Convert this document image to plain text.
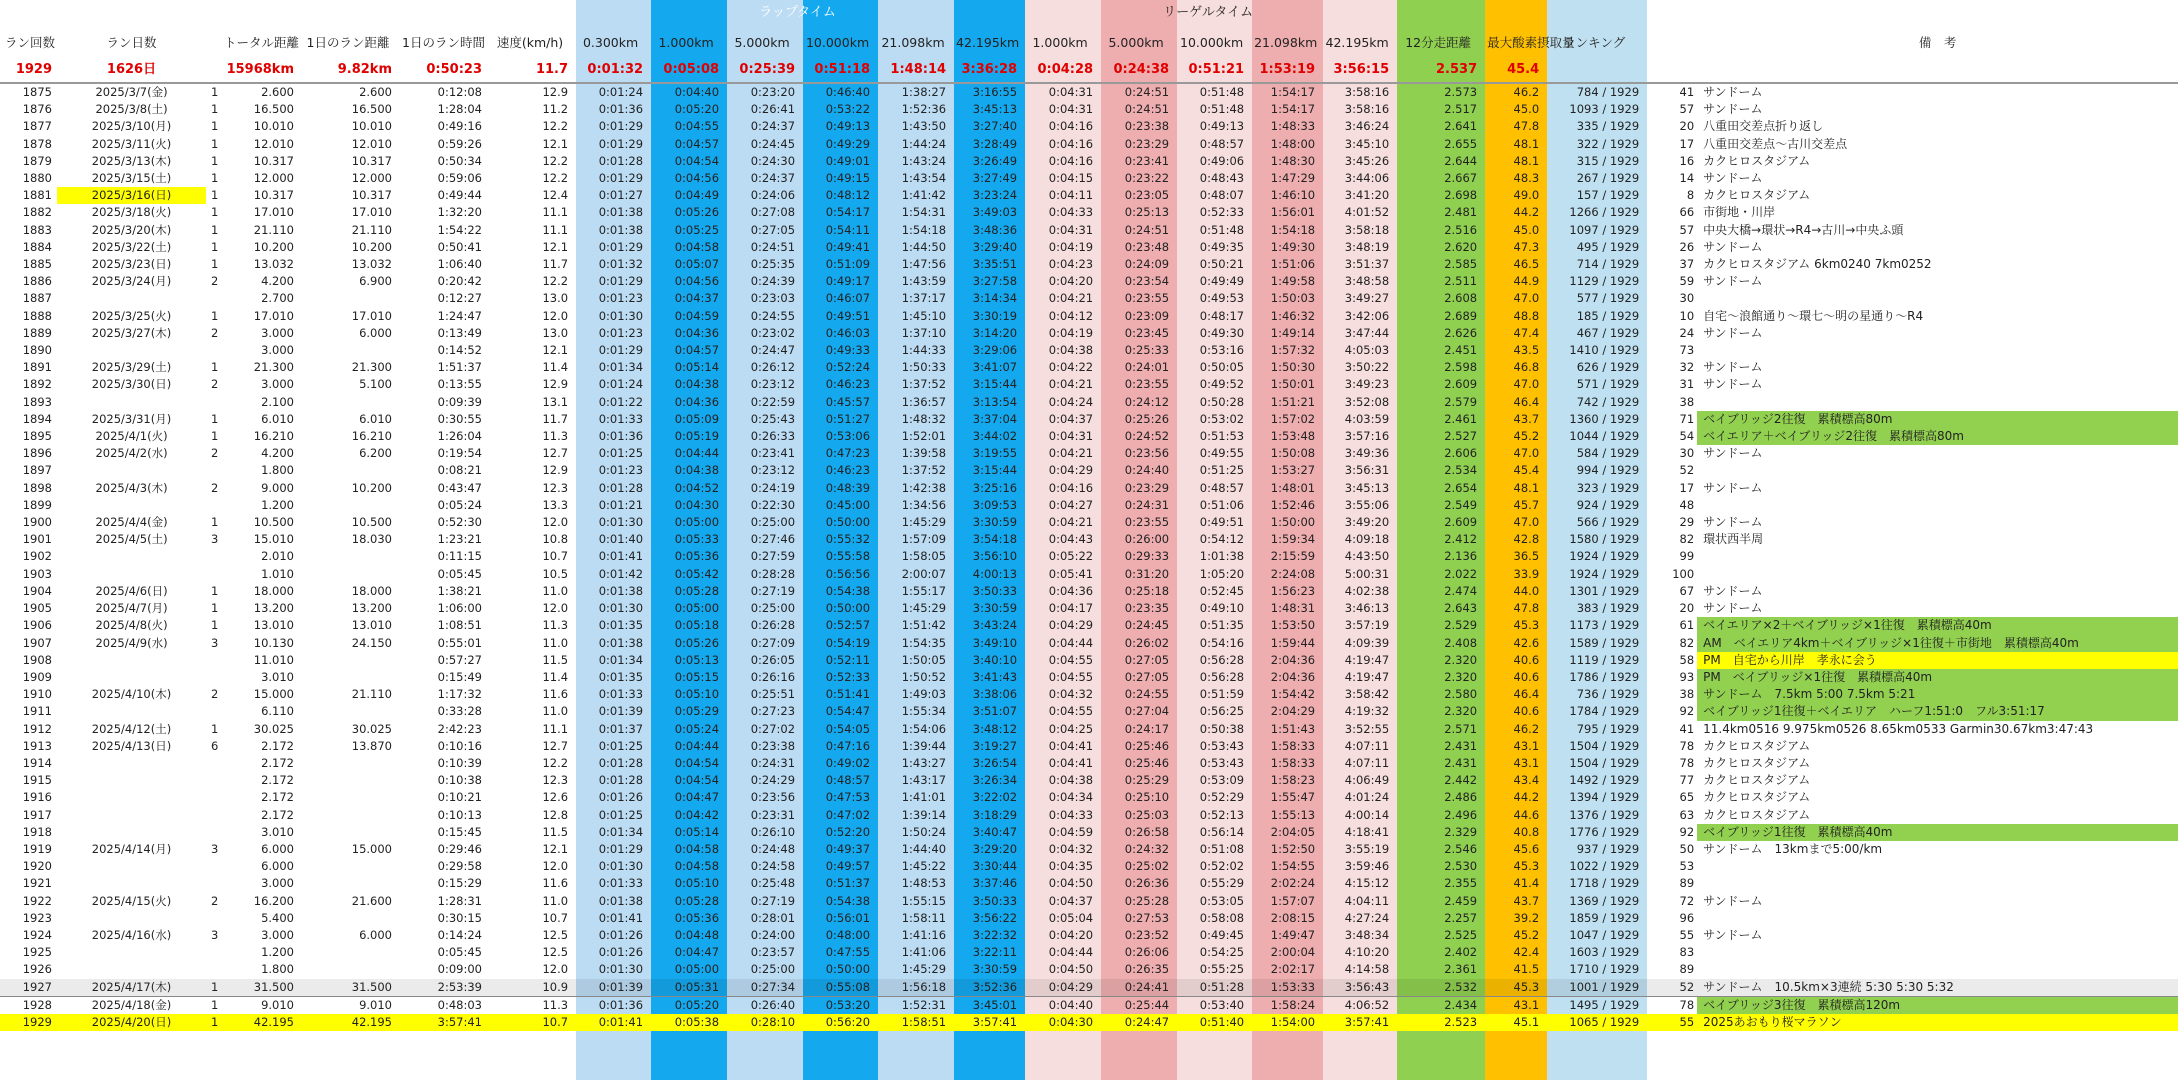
							ラップタイム						リーゲルタイム									
ラン回数	ラン日数		トータル距離	1日のラン距離	1日のラン時間	速度(km/h)	0.300km	1.000km	5.000km	10.000km	21.098km	42.195km	1.000km	5.000km	10.000km	21.098km	42.195km	12分走距離	最大酸素摂取量	ランキング		備　考
1929	1626日		15968km	9.82km	0:50:23	11.7	0:01:32	0:05:08	0:25:39	0:51:18	1:48:14	3:36:28	0:04:28	0:24:38	0:51:21	1:53:19	3:56:15	2.537	45.4			
1875	2025/3/7(金)	1	2.600	2.600	0:12:08	12.9	0:01:24	0:04:40	0:23:20	0:46:40	1:38:27	3:16:55	0:04:31	0:24:51	0:51:48	1:54:17	3:58:16	2.573	46.2	784 / 1929	41	サンドーム
1876	2025/3/8(土)	1	16.500	16.500	1:28:04	11.2	0:01:36	0:05:20	0:26:41	0:53:22	1:52:36	3:45:13	0:04:31	0:24:51	0:51:48	1:54:17	3:58:16	2.517	45.0	1093 / 1929	57	サンドーム
1877	2025/3/10(月)	1	10.010	10.010	0:49:16	12.2	0:01:29	0:04:55	0:24:37	0:49:13	1:43:50	3:27:40	0:04:16	0:23:38	0:49:13	1:48:33	3:46:24	2.641	47.8	335 / 1929	20	八重田交差点折り返し
1878	2025/3/11(火)	1	12.010	12.010	0:59:26	12.1	0:01:29	0:04:57	0:24:45	0:49:29	1:44:24	3:28:49	0:04:16	0:23:29	0:48:57	1:48:00	3:45:10	2.655	48.1	322 / 1929	17	八重田交差点～古川交差点
1879	2025/3/13(木)	1	10.317	10.317	0:50:34	12.2	0:01:28	0:04:54	0:24:30	0:49:01	1:43:24	3:26:49	0:04:16	0:23:41	0:49:06	1:48:30	3:45:26	2.644	48.1	315 / 1929	16	カクヒロスタジアム
1880	2025/3/15(土)	1	12.000	12.000	0:59:06	12.2	0:01:29	0:04:56	0:24:37	0:49:15	1:43:54	3:27:49	0:04:15	0:23:22	0:48:43	1:47:29	3:44:06	2.667	48.3	267 / 1929	14	サンドーム
1881	2025/3/16(日)	1	10.317	10.317	0:49:44	12.4	0:01:27	0:04:49	0:24:06	0:48:12	1:41:42	3:23:24	0:04:11	0:23:05	0:48:07	1:46:10	3:41:20	2.698	49.0	157 / 1929	8	カクヒロスタジアム
1882	2025/3/18(火)	1	17.010	17.010	1:32:20	11.1	0:01:38	0:05:26	0:27:08	0:54:17	1:54:31	3:49:03	0:04:33	0:25:13	0:52:33	1:56:01	4:01:52	2.481	44.2	1266 / 1929	66	市街地・川岸
1883	2025/3/20(木)	1	21.110	21.110	1:54:22	11.1	0:01:38	0:05:25	0:27:05	0:54:11	1:54:18	3:48:36	0:04:31	0:24:51	0:51:48	1:54:18	3:58:18	2.516	45.0	1097 / 1929	57	中央大橋→環状→R4→古川→中央ふ頭
1884	2025/3/22(土)	1	10.200	10.200	0:50:41	12.1	0:01:29	0:04:58	0:24:51	0:49:41	1:44:50	3:29:40	0:04:19	0:23:48	0:49:35	1:49:30	3:48:19	2.620	47.3	495 / 1929	26	サンドーム
1885	2025/3/23(日)	1	13.032	13.032	1:06:40	11.7	0:01:32	0:05:07	0:25:35	0:51:09	1:47:56	3:35:51	0:04:23	0:24:09	0:50:21	1:51:06	3:51:37	2.585	46.5	714 / 1929	37	カクヒロスタジアム 6km0240 7km0252
1886	2025/3/24(月)	2	4.200	6.900	0:20:42	12.2	0:01:29	0:04:56	0:24:39	0:49:17	1:43:59	3:27:58	0:04:20	0:23:54	0:49:49	1:49:58	3:48:58	2.511	44.9	1129 / 1929	59	サンドーム
1887			2.700		0:12:27	13.0	0:01:23	0:04:37	0:23:03	0:46:07	1:37:17	3:14:34	0:04:21	0:23:55	0:49:53	1:50:03	3:49:27	2.608	47.0	577 / 1929	30	
1888	2025/3/25(火)	1	17.010	17.010	1:24:47	12.0	0:01:30	0:04:59	0:24:55	0:49:51	1:45:10	3:30:19	0:04:12	0:23:09	0:48:17	1:46:32	3:42:06	2.689	48.8	185 / 1929	10	自宅～浪館通り～環七～明の星通り～R4
1889	2025/3/27(木)	2	3.000	6.000	0:13:49	13.0	0:01:23	0:04:36	0:23:02	0:46:03	1:37:10	3:14:20	0:04:19	0:23:45	0:49:30	1:49:14	3:47:44	2.626	47.4	467 / 1929	24	サンドーム
1890			3.000		0:14:52	12.1	0:01:29	0:04:57	0:24:47	0:49:33	1:44:33	3:29:06	0:04:38	0:25:33	0:53:16	1:57:32	4:05:03	2.451	43.5	1410 / 1929	73	
1891	2025/3/29(土)	1	21.300	21.300	1:51:37	11.4	0:01:34	0:05:14	0:26:12	0:52:24	1:50:33	3:41:07	0:04:22	0:24:01	0:50:05	1:50:30	3:50:22	2.598	46.8	626 / 1929	32	サンドーム
1892	2025/3/30(日)	2	3.000	5.100	0:13:55	12.9	0:01:24	0:04:38	0:23:12	0:46:23	1:37:52	3:15:44	0:04:21	0:23:55	0:49:52	1:50:01	3:49:23	2.609	47.0	571 / 1929	31	サンドーム
1893			2.100		0:09:39	13.1	0:01:22	0:04:36	0:22:59	0:45:57	1:36:57	3:13:54	0:04:24	0:24:12	0:50:28	1:51:21	3:52:08	2.579	46.4	742 / 1929	38	
1894	2025/3/31(月)	1	6.010	6.010	0:30:55	11.7	0:01:33	0:05:09	0:25:43	0:51:27	1:48:32	3:37:04	0:04:37	0:25:26	0:53:02	1:57:02	4:03:59	2.461	43.7	1360 / 1929	71	ベイブリッジ2往復　累積標高80m
1895	2025/4/1(火)	1	16.210	16.210	1:26:04	11.3	0:01:36	0:05:19	0:26:33	0:53:06	1:52:01	3:44:02	0:04:31	0:24:52	0:51:53	1:53:48	3:57:16	2.527	45.2	1044 / 1929	54	ベイエリア＋ベイブリッジ2往復　累積標高80m
1896	2025/4/2(水)	2	4.200	6.200	0:19:54	12.7	0:01:25	0:04:44	0:23:41	0:47:23	1:39:58	3:19:55	0:04:21	0:23:56	0:49:55	1:50:08	3:49:36	2.606	47.0	584 / 1929	30	サンドーム
1897			1.800		0:08:21	12.9	0:01:23	0:04:38	0:23:12	0:46:23	1:37:52	3:15:44	0:04:29	0:24:40	0:51:25	1:53:27	3:56:31	2.534	45.4	994 / 1929	52	
1898	2025/4/3(木)	2	9.000	10.200	0:43:47	12.3	0:01:28	0:04:52	0:24:19	0:48:39	1:42:38	3:25:16	0:04:16	0:23:29	0:48:57	1:48:01	3:45:13	2.654	48.1	323 / 1929	17	サンドーム
1899			1.200		0:05:24	13.3	0:01:21	0:04:30	0:22:30	0:45:00	1:34:56	3:09:53	0:04:27	0:24:31	0:51:06	1:52:46	3:55:06	2.549	45.7	924 / 1929	48	
1900	2025/4/4(金)	1	10.500	10.500	0:52:30	12.0	0:01:30	0:05:00	0:25:00	0:50:00	1:45:29	3:30:59	0:04:21	0:23:55	0:49:51	1:50:00	3:49:20	2.609	47.0	566 / 1929	29	サンドーム
1901	2025/4/5(土)	3	15.010	18.030	1:23:21	10.8	0:01:40	0:05:33	0:27:46	0:55:32	1:57:09	3:54:18	0:04:43	0:26:00	0:54:12	1:59:34	4:09:18	2.412	42.8	1580 / 1929	82	環状西半周
1902			2.010		0:11:15	10.7	0:01:41	0:05:36	0:27:59	0:55:58	1:58:05	3:56:10	0:05:22	0:29:33	1:01:38	2:15:59	4:43:50	2.136	36.5	1924 / 1929	99	
1903			1.010		0:05:45	10.5	0:01:42	0:05:42	0:28:28	0:56:56	2:00:07	4:00:13	0:05:41	0:31:20	1:05:20	2:24:08	5:00:31	2.022	33.9	1924 / 1929	100	
1904	2025/4/6(日)	1	18.000	18.000	1:38:21	11.0	0:01:38	0:05:28	0:27:19	0:54:38	1:55:17	3:50:33	0:04:36	0:25:18	0:52:45	1:56:23	4:02:38	2.474	44.0	1301 / 1929	67	サンドーム
1905	2025/4/7(月)	1	13.200	13.200	1:06:00	12.0	0:01:30	0:05:00	0:25:00	0:50:00	1:45:29	3:30:59	0:04:17	0:23:35	0:49:10	1:48:31	3:46:13	2.643	47.8	383 / 1929	20	サンドーム
1906	2025/4/8(火)	1	13.010	13.010	1:08:51	11.3	0:01:35	0:05:18	0:26:28	0:52:57	1:51:42	3:43:24	0:04:29	0:24:45	0:51:35	1:53:50	3:57:19	2.529	45.3	1173 / 1929	61	ベイエリア×2＋ベイブリッジ×1往復　累積標高40m
1907	2025/4/9(水)	3	10.130	24.150	0:55:01	11.0	0:01:38	0:05:26	0:27:09	0:54:19	1:54:35	3:49:10	0:04:44	0:26:02	0:54:16	1:59:44	4:09:39	2.408	42.6	1589 / 1929	82	AM　ベイエリア4km＋ベイブリッジ×1往復＋市街地　累積標高40m
1908			11.010		0:57:27	11.5	0:01:34	0:05:13	0:26:05	0:52:11	1:50:05	3:40:10	0:04:55	0:27:05	0:56:28	2:04:36	4:19:47	2.320	40.6	1119 / 1929	58	PM　自宅から川岸　孝永に会う
1909			3.010		0:15:49	11.4	0:01:35	0:05:15	0:26:16	0:52:33	1:50:52	3:41:43	0:04:55	0:27:05	0:56:28	2:04:36	4:19:47	2.320	40.6	1786 / 1929	93	PM　ベイブリッジ×1往復　累積標高40m
1910	2025/4/10(木)	2	15.000	21.110	1:17:32	11.6	0:01:33	0:05:10	0:25:51	0:51:41	1:49:03	3:38:06	0:04:32	0:24:55	0:51:59	1:54:42	3:58:42	2.580	46.4	736 / 1929	38	サンドーム　7.5km 5:00 7.5km 5:21
1911			6.110		0:33:28	11.0	0:01:39	0:05:29	0:27:23	0:54:47	1:55:34	3:51:07	0:04:55	0:27:04	0:56:25	2:04:29	4:19:32	2.320	40.6	1784 / 1929	92	ベイブリッジ1往復＋ベイエリア　ハーフ1:51:0　フル3:51:17
1912	2025/4/12(土)	1	30.025	30.025	2:42:23	11.1	0:01:37	0:05:24	0:27:02	0:54:05	1:54:06	3:48:12	0:04:25	0:24:17	0:50:38	1:51:43	3:52:55	2.571	46.2	795 / 1929	41	11.4km0516 9.975km0526 8.65km0533 Garmin30.67km3:47:43
1913	2025/4/13(日)	6	2.172	13.870	0:10:16	12.7	0:01:25	0:04:44	0:23:38	0:47:16	1:39:44	3:19:27	0:04:41	0:25:46	0:53:43	1:58:33	4:07:11	2.431	43.1	1504 / 1929	78	カクヒロスタジアム
1914			2.172		0:10:39	12.2	0:01:28	0:04:54	0:24:31	0:49:02	1:43:27	3:26:54	0:04:41	0:25:46	0:53:43	1:58:33	4:07:11	2.431	43.1	1504 / 1929	78	カクヒロスタジアム
1915			2.172		0:10:38	12.3	0:01:28	0:04:54	0:24:29	0:48:57	1:43:17	3:26:34	0:04:38	0:25:29	0:53:09	1:58:23	4:06:49	2.442	43.4	1492 / 1929	77	カクヒロスタジアム
1916			2.172		0:10:21	12.6	0:01:26	0:04:47	0:23:56	0:47:53	1:41:01	3:22:02	0:04:34	0:25:10	0:52:29	1:55:47	4:01:24	2.486	44.2	1394 / 1929	65	カクヒロスタジアム
1917			2.172		0:10:13	12.8	0:01:25	0:04:42	0:23:31	0:47:02	1:39:14	3:18:29	0:04:33	0:25:03	0:52:13	1:55:13	4:00:14	2.496	44.6	1376 / 1929	63	カクヒロスタジアム
1918			3.010		0:15:45	11.5	0:01:34	0:05:14	0:26:10	0:52:20	1:50:24	3:40:47	0:04:59	0:26:58	0:56:14	2:04:05	4:18:41	2.329	40.8	1776 / 1929	92	ベイブリッジ1往復　累積標高40m
1919	2025/4/14(月)	3	6.000	15.000	0:29:46	12.1	0:01:29	0:04:58	0:24:48	0:49:37	1:44:40	3:29:20	0:04:32	0:24:32	0:51:08	1:52:50	3:55:19	2.546	45.6	937 / 1929	50	サンドーム　13kmまで5:00/km
1920			6.000		0:29:58	12.0	0:01:30	0:04:58	0:24:58	0:49:57	1:45:22	3:30:44	0:04:35	0:25:02	0:52:02	1:54:55	3:59:46	2.530	45.3	1022 / 1929	53	
1921			3.000		0:15:29	11.6	0:01:33	0:05:10	0:25:48	0:51:37	1:48:53	3:37:46	0:04:50	0:26:36	0:55:29	2:02:24	4:15:12	2.355	41.4	1718 / 1929	89	
1922	2025/4/15(火)	2	16.200	21.600	1:28:31	11.0	0:01:38	0:05:28	0:27:19	0:54:38	1:55:15	3:50:33	0:04:37	0:25:28	0:53:05	1:57:07	4:04:11	2.459	43.7	1369 / 1929	72	サンドーム
1923			5.400		0:30:15	10.7	0:01:41	0:05:36	0:28:01	0:56:01	1:58:11	3:56:22	0:05:04	0:27:53	0:58:08	2:08:15	4:27:24	2.257	39.2	1859 / 1929	96	
1924	2025/4/16(水)	3	3.000	6.000	0:14:24	12.5	0:01:26	0:04:48	0:24:00	0:48:00	1:41:16	3:22:32	0:04:20	0:23:52	0:49:45	1:49:47	3:48:34	2.525	45.2	1047 / 1929	55	サンドーム
1925			1.200		0:05:45	12.5	0:01:26	0:04:47	0:23:57	0:47:55	1:41:06	3:22:11	0:04:44	0:26:06	0:54:25	2:00:04	4:10:20	2.402	42.4	1603 / 1929	83	
1926			1.800		0:09:00	12.0	0:01:30	0:05:00	0:25:00	0:50:00	1:45:29	3:30:59	0:04:50	0:26:35	0:55:25	2:02:17	4:14:58	2.361	41.5	1710 / 1929	89	
1927	2025/4/17(木)	1	31.500	31.500	2:53:39	10.9	0:01:39	0:05:31	0:27:34	0:55:08	1:56:18	3:52:36	0:04:29	0:24:41	0:51:28	1:53:33	3:56:43	2.532	45.3	1001 / 1929	52	サンドーム　10.5km×3連続 5:30 5:30 5:32
1928	2025/4/18(金)	1	9.010	9.010	0:48:03	11.3	0:01:36	0:05:20	0:26:40	0:53:20	1:52:31	3:45:01	0:04:40	0:25:44	0:53:40	1:58:24	4:06:52	2.434	43.1	1495 / 1929	78	ベイブリッジ3往復　累積標高120m
1929	2025/4/20(日)	1	42.195	42.195	3:57:41	10.7	0:01:41	0:05:38	0:28:10	0:56:20	1:58:51	3:57:41	0:04:30	0:24:47	0:51:40	1:54:00	3:57:41	2.523	45.1	1065 / 1929	55	2025あおもり桜マラソン
